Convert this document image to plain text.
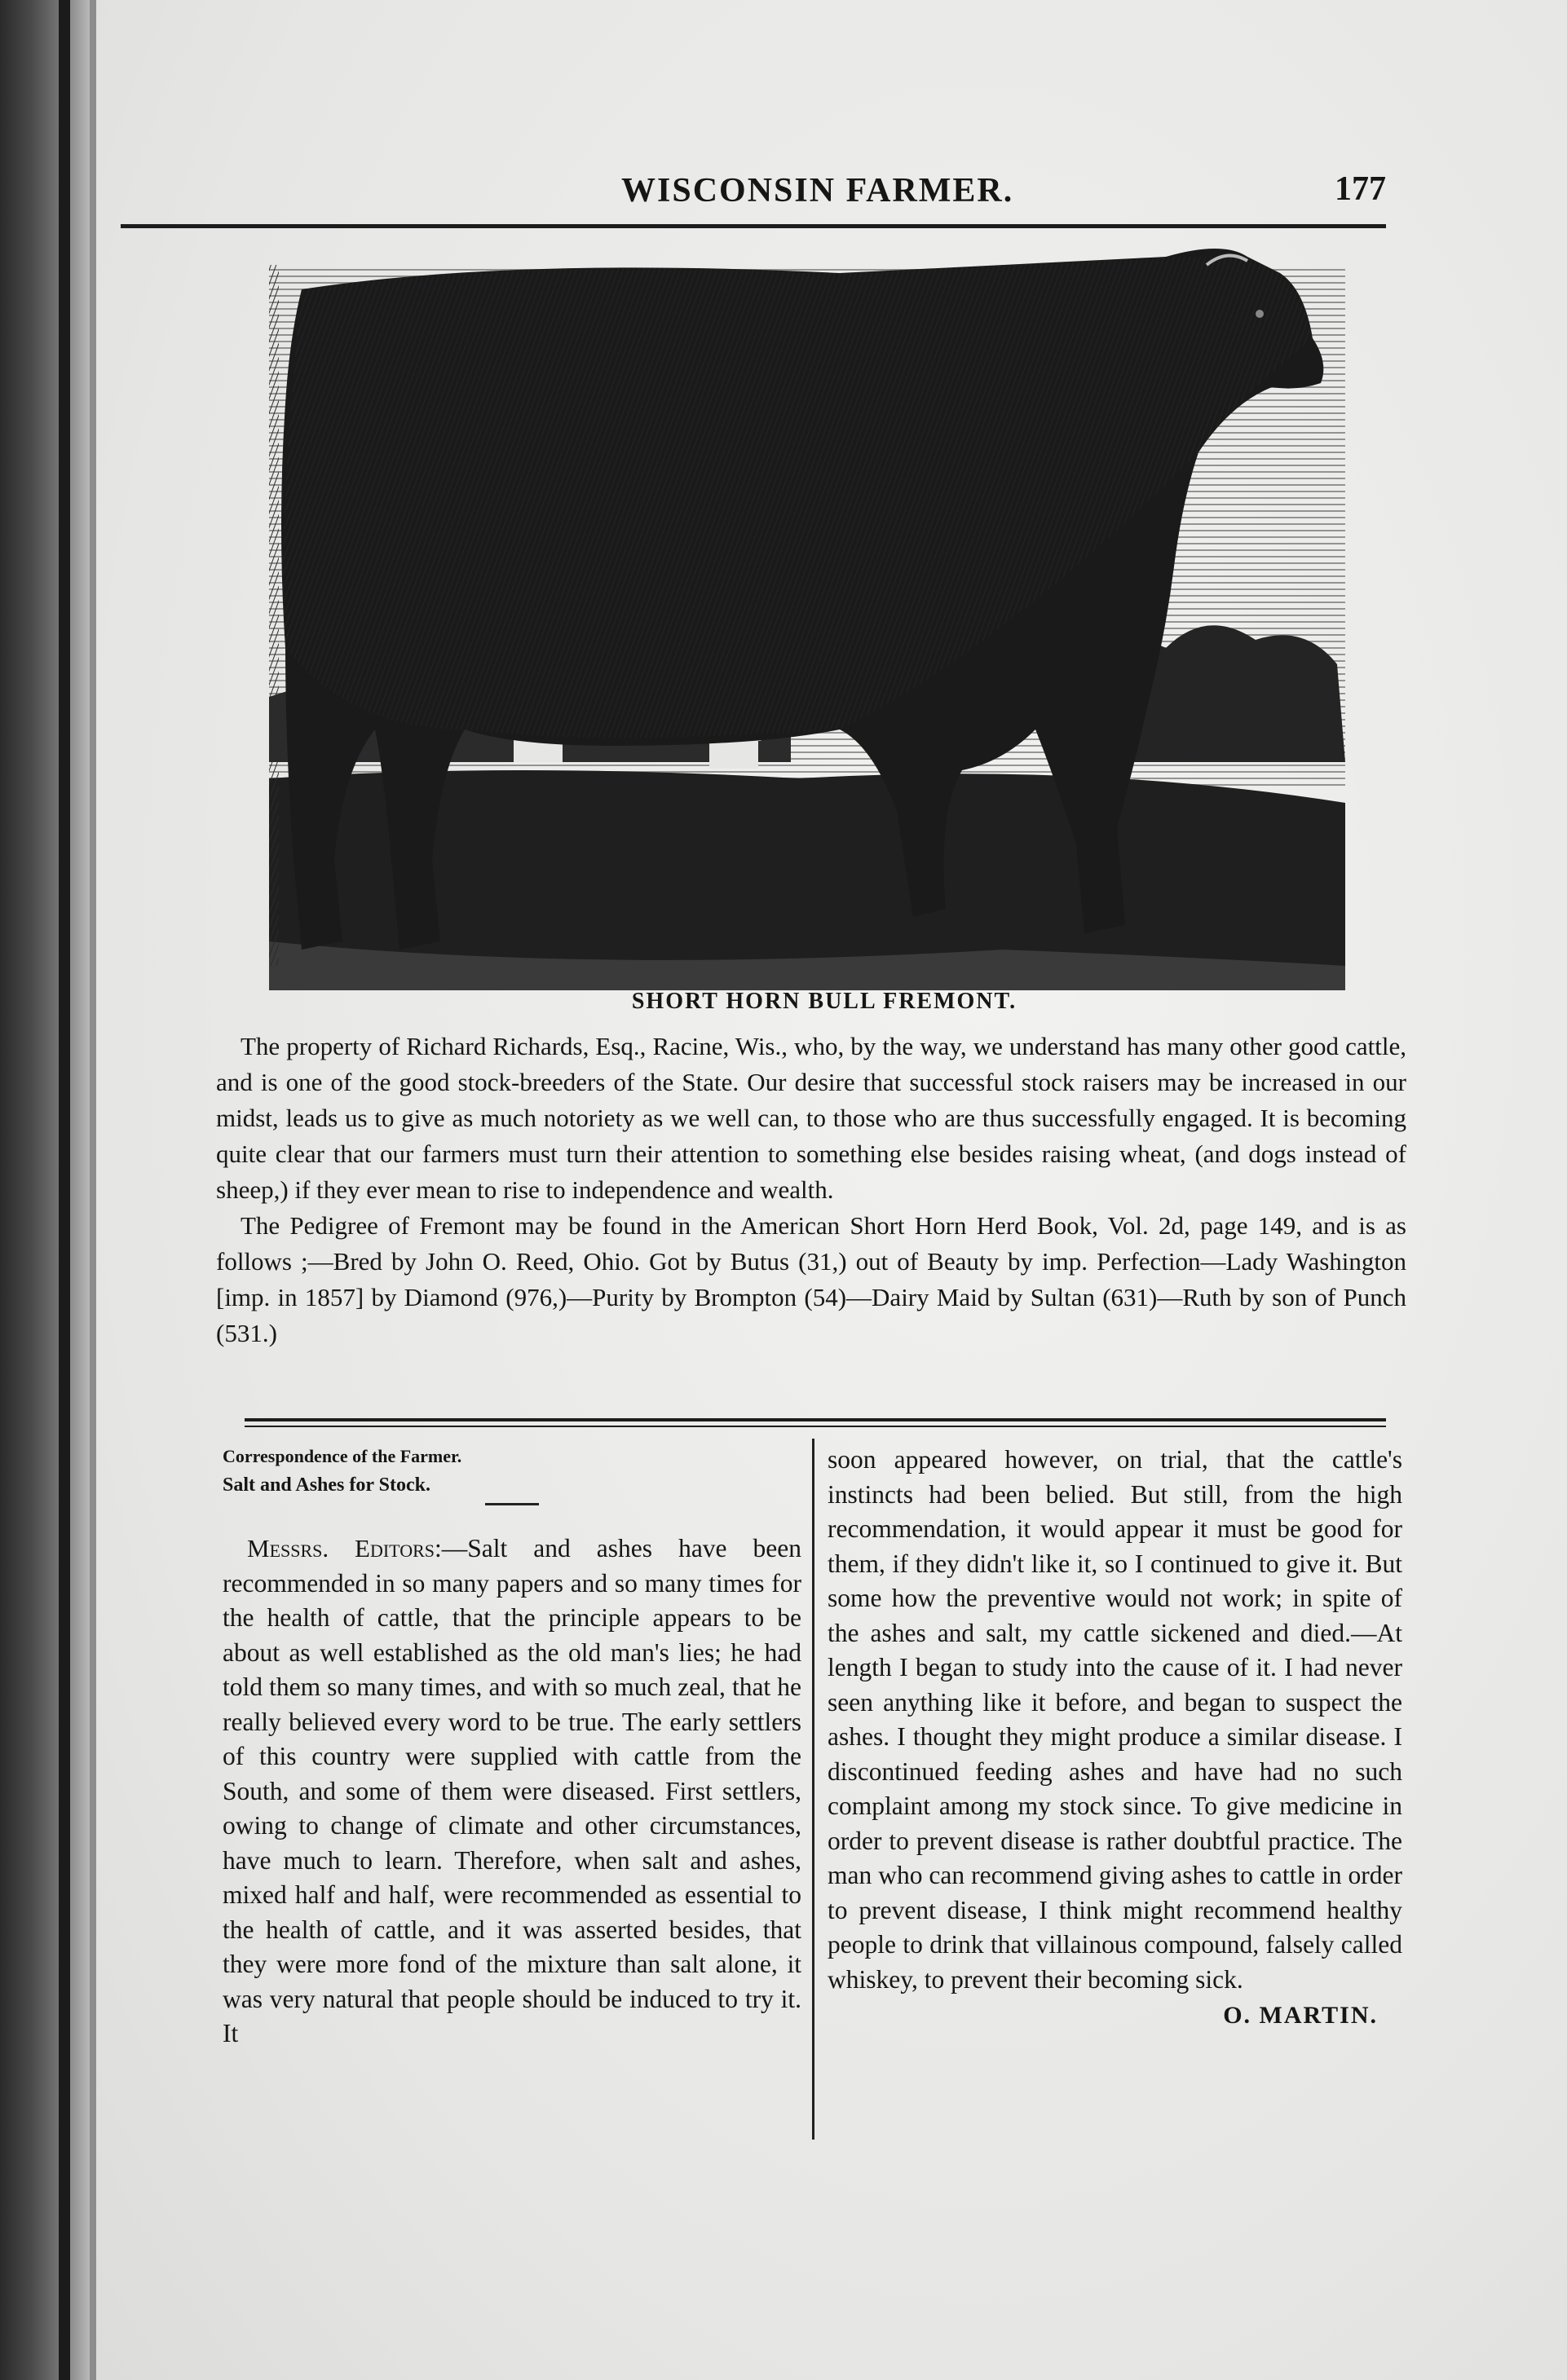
WISCONSIN FARMER.	177
SHORT HORN BULL FREMONT.

The property of Richard Richards, Esq., Racine, Wis., who, by the way, we understand has many other good cattle, and is one of the good stock-breeders of the State. Our desire that successful stock raisers may be increased in our midst, leads us to give as much notoriety as we well can, to those who are thus successfully engaged. It is becoming quite clear that our farmers must turn their attention to something else besides raising wheat, (and dogs instead of sheep,) if they ever mean to rise to independence and wealth.

The Pedigree of Fremont may be found in the American Short Horn Herd Book, Vol. 2d, page 149, and is as follows ;—Bred by John O. Reed, Ohio. Got by Butus (31,) out of Beauty by imp. Perfection—Lady Washington [imp. in 1857] by Diamond (976,)—Purity by Brompton (54)—Dairy Maid by Sultan (631)—Ruth by son of Punch (531.)

Correspondence of the Farmer.

Salt and Ashes for Stock.

Messrs. Editors:—Salt and ashes have been recommended in so many papers and so many times for the health of cattle, that the principle appears to be about as well established as the old man's lies; he had told them so many times, and with so much zeal, that he really believed every word to be true. The early settlers of this country were supplied with cattle from the South, and some of them were diseased. First settlers, owing to change of climate and other circumstances, have much to learn. Therefore, when salt and ashes, mixed half and half, were recommended as essential to the health of cattle, and it was asserted besides, that they were more fond of the mixture than salt alone, it was very natural that people should be induced to try it. It

soon appeared however, on trial, that the cattle's instincts had been belied. But still, from the high recommendation, it would appear it must be good for them, if they didn't like it, so I continued to give it. But some how the preventive would not work; in spite of the ashes and salt, my cattle sickened and died.—At length I began to study into the cause of it. I had never seen anything like it before, and began to suspect the ashes. I thought they might produce a similar disease. I discontinued feeding ashes and have had no such complaint among my stock since. To give medicine in order to prevent disease is rather doubtful practice. The man who can recommend giving ashes to cattle in order to prevent disease, I think might recommend healthy people to drink that villainous compound, falsely called whiskey, to prevent their becoming sick.

O. MARTIN.
